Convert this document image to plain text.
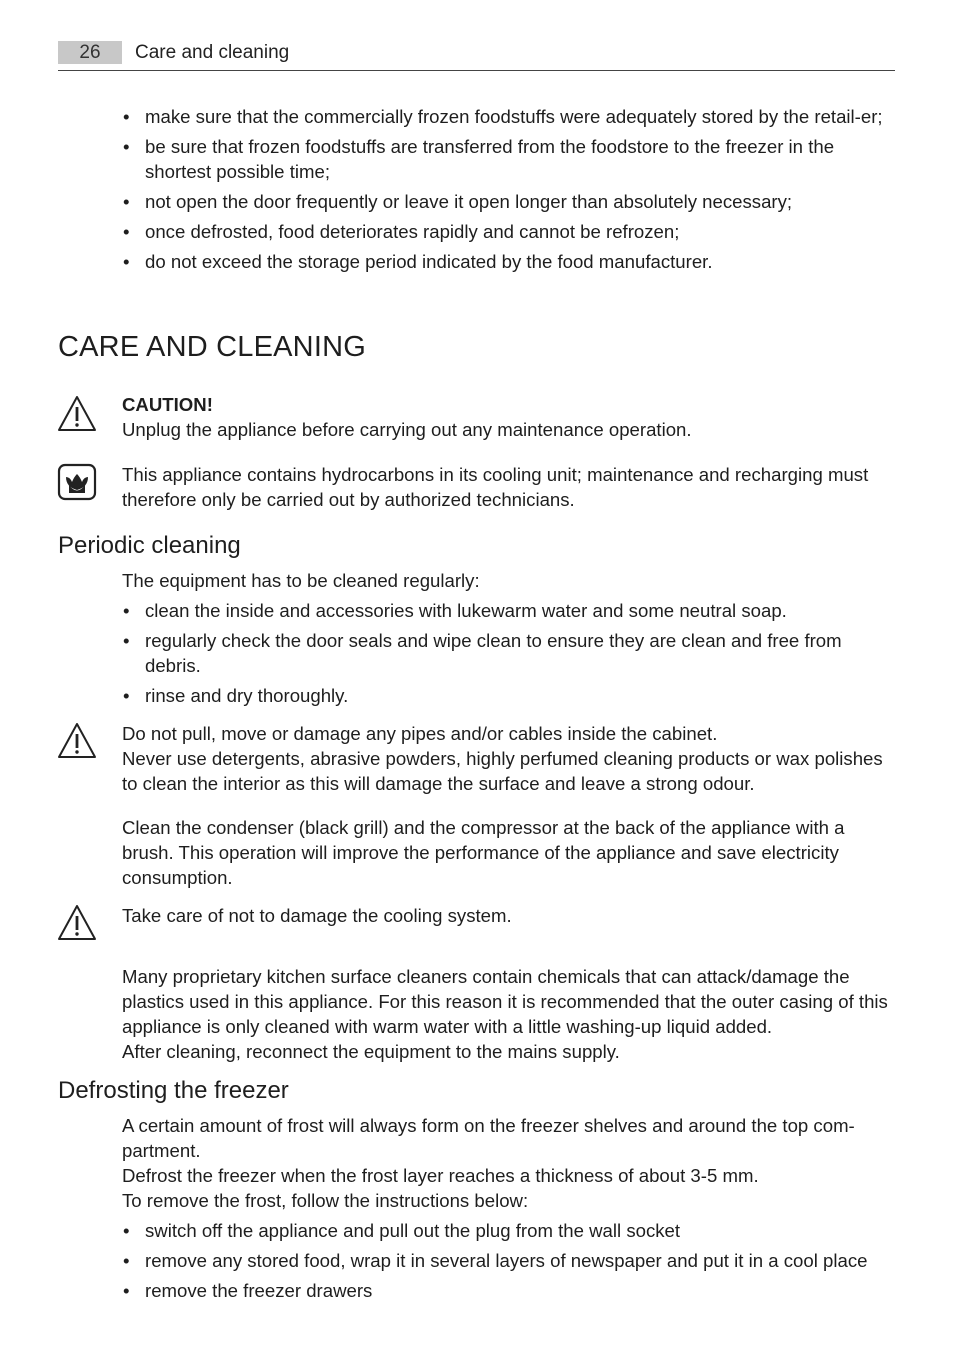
26	Care and cleaning
• make sure that the commercially frozen foodstuffs were adequately stored by the retail-er;
• be sure that frozen foodstuffs are transferred from the foodstore to the freezer in the shortest possible time;
• not open the door frequently or leave it open longer than absolutely necessary;
• once defrosted, food deteriorates rapidly and cannot be refrozen;
• do not exceed the storage period indicated by the food manufacturer.
CARE AND CLEANING

CAUTION!

Unplug the appliance before carrying out any maintenance operation.

This appliance contains hydrocarbons in its cooling unit; maintenance and recharging must therefore only be carried out by authorized technicians.

Periodic cleaning

The equipment has to be cleaned regularly:

• clean the inside and accessories with lukewarm water and some neutral soap.
• regularly check the door seals and wipe clean to ensure they are clean and free from debris.
• rinse and dry thoroughly.

Do not pull, move or damage any pipes and/or cables inside the cabinet.

Never use detergents, abrasive powders, highly perfumed cleaning products or wax polishes to clean the interior as this will damage the surface and leave a strong odour.

Clean the condenser (black grill) and the compressor at the back of the appliance with a brush. This operation will improve the performance of the appliance and save electricity consumption.

Take care of not to damage the cooling system.

Many proprietary kitchen surface cleaners contain chemicals that can attack/damage the plastics used in this appliance. For this reason it is recommended that the outer casing of this appliance is only cleaned with warm water with a little washing-up liquid added.

After cleaning, reconnect the equipment to the mains supply.

Defrosting the freezer

A certain amount of frost will always form on the freezer shelves and around the top com-partment.

Defrost the freezer when the frost layer reaches a thickness of about 3-5 mm.

To remove the frost, follow the instructions below:

• switch off the appliance and pull out the plug from the wall socket
• remove any stored food, wrap it in several layers of newspaper and put it in a cool place
• remove the freezer drawers
